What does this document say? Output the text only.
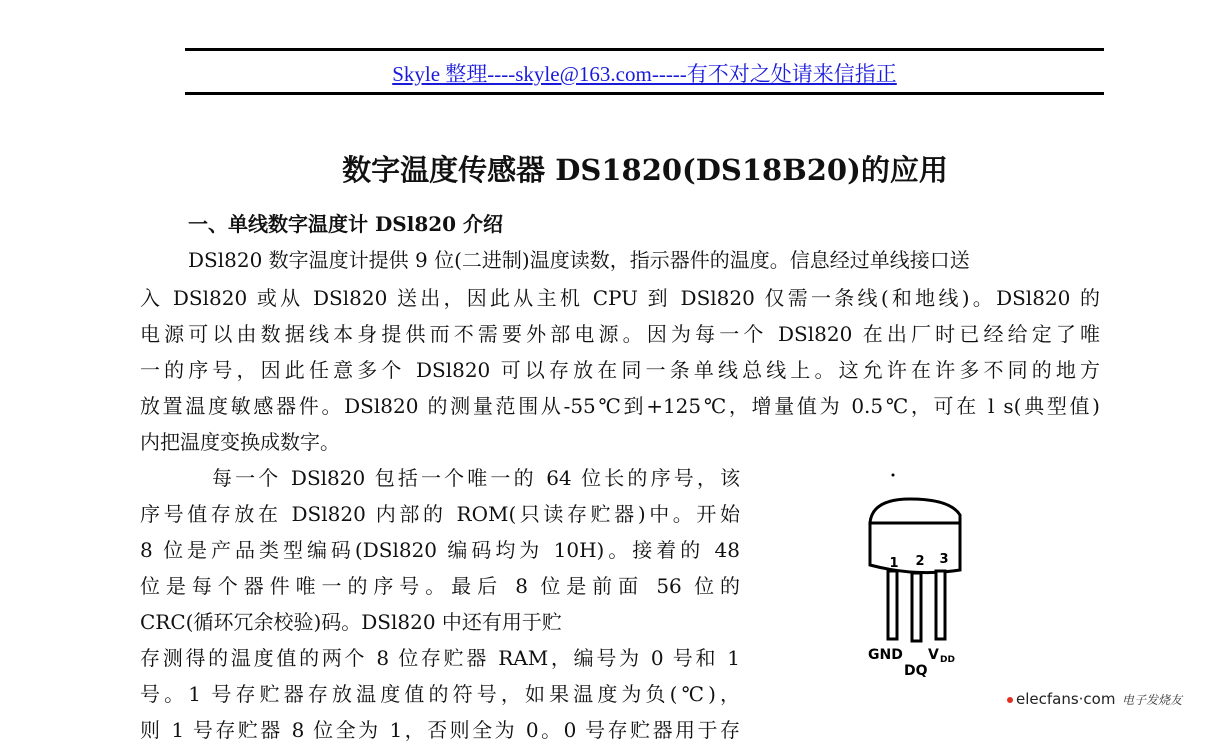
Skyle 整理----skyle@163.com-----有不对之处请来信指正
数字温度传感器 DS1820(DS18B20)的应用
一、单线数字温度计 DSl820 介绍
DSl820 数字温度计提供 9 位(二进制)温度读数，指示器件的温度。信息经过单线接口送
入 DSl820 或从 DSl820 送出，因此从主机 CPU 到 DSl820 仅需一条线(和地线)。DSl820 的
电源可以由数据线本身提供而不需要外部电源。因为每一个 DSl820 在出厂时已经给定了唯
一的序号，因此任意多个 DSl820 可以存放在同一条单线总线上。这允许在许多不同的地方
放置温度敏感器件。DSl820 的测量范围从-55℃到+125℃，增量值为 0.5℃，可在 l s(典型值)
内把温度变换成数字。
每一个 DSl820 包括一个唯一的 64 位长的序号，该
序号值存放在 DSl820 内部的 ROM(只读存贮器)中。开始
8 位是产品类型编码(DSl820 编码均为 10H)。接着的 48
位是每个器件唯一的序号。最后 8 位是前面 56 位的
CRC(循环冗余校验)码。DSl820 中还有用于贮
存测得的温度值的两个 8 位存贮器 RAM，编号为 0 号和 1
号。1 号存贮器存放温度值的符号，如果温度为负(℃)，
则 1 号存贮器 8 位全为 1，否则全为 0。0 号存贮器用于存
1 2 3
GND V DD
DQ
elecfans·com 电子发烧友
